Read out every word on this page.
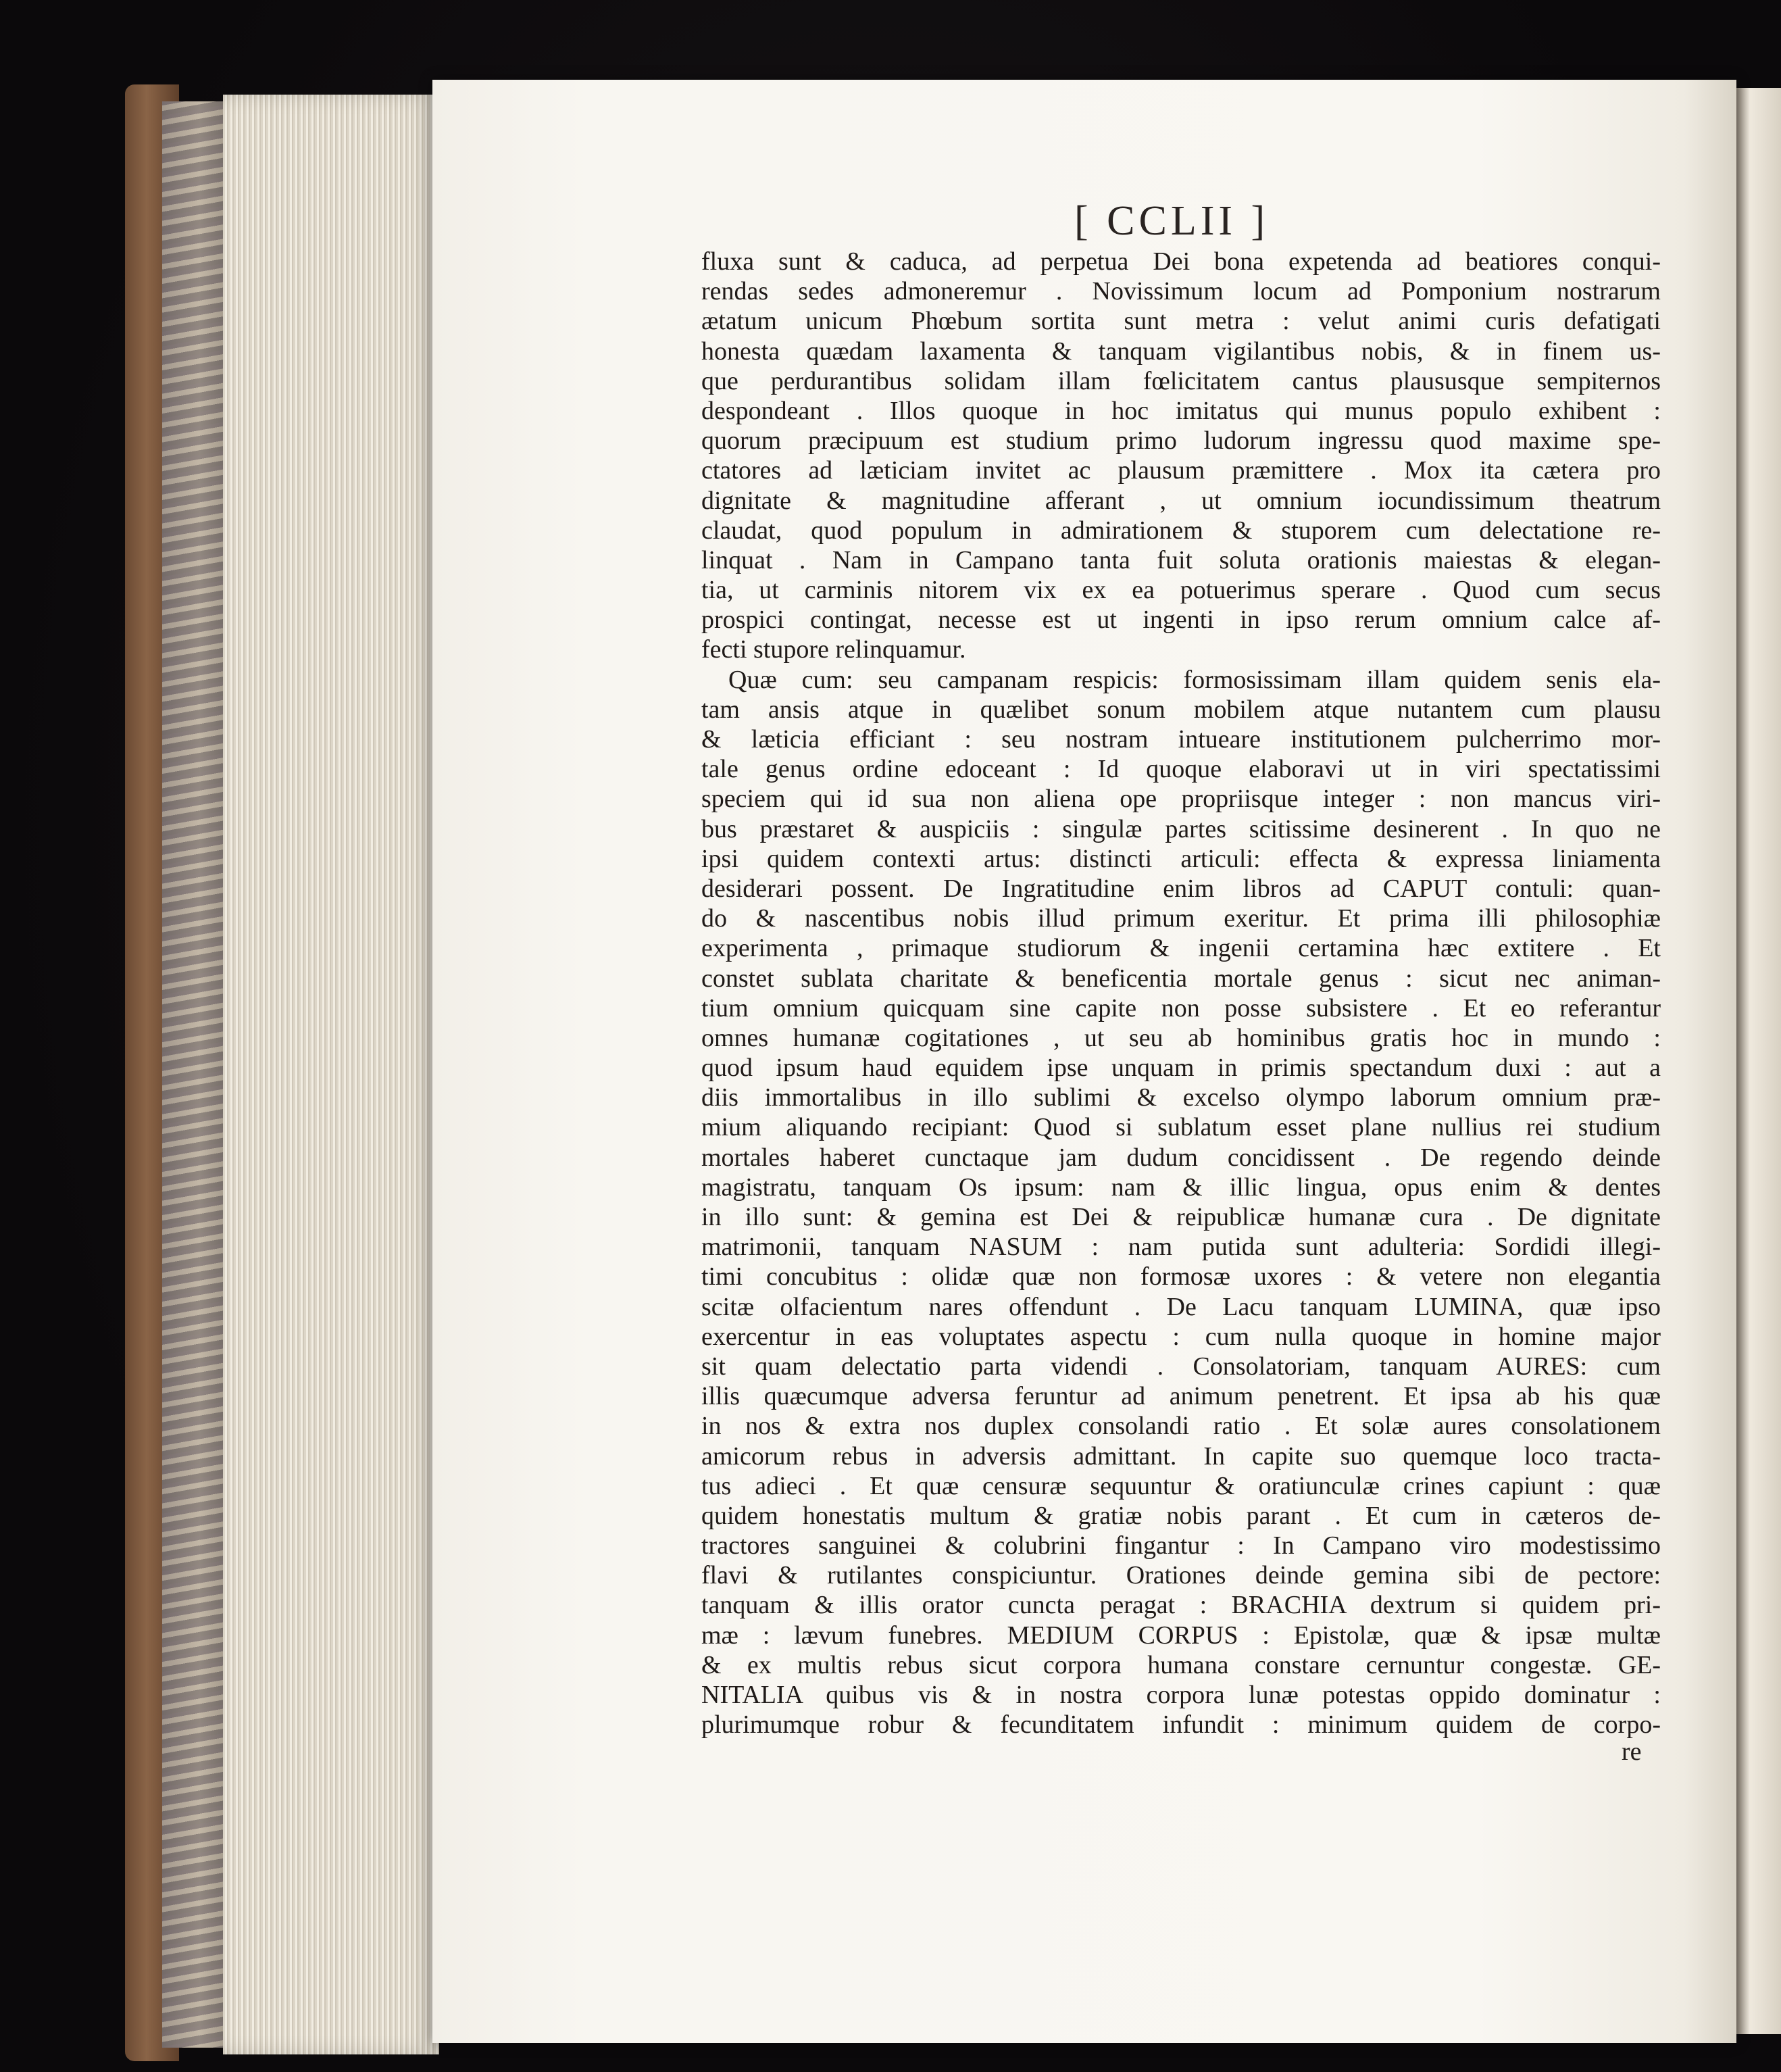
[ CCLII ]
fluxa sunt & caduca, ad perpetua Dei bona expetenda ad beatiores conqui-
rendas sedes admoneremur . Novissimum locum ad Pomponium nostrarum
ætatum unicum Phœbum sortita sunt metra : velut animi curis defatigati
honesta quædam laxamenta & tanquam vigilantibus nobis, & in finem us-
que perdurantibus solidam illam fœlicitatem cantus plaususque sempiternos
despondeant . Illos quoque in hoc imitatus qui munus populo exhibent :
quorum præcipuum est studium primo ludorum ingressu quod maxime spe-
ctatores ad læticiam invitet ac plausum præmittere . Mox ita cætera pro
dignitate & magnitudine afferant , ut omnium iocundissimum theatrum
claudat, quod populum in admirationem & stuporem cum delectatione re-
linquat . Nam in Campano tanta fuit soluta orationis maiestas & elegan-
tia, ut carminis nitorem vix ex ea potuerimus sperare . Quod cum secus
prospici contingat, necesse est ut ingenti in ipso rerum omnium calce af-
fecti stupore relinquamur.
Quæ cum: seu campanam respicis: formosissimam illam quidem senis ela-
tam ansis atque in quælibet sonum mobilem atque nutantem cum plausu
& læticia efficiant : seu nostram intueare institutionem pulcherrimo mor-
tale genus ordine edoceant : Id quoque elaboravi ut in viri spectatissimi
speciem qui id sua non aliena ope propriisque integer : non mancus viri-
bus præstaret & auspiciis : singulæ partes scitissime desinerent . In quo ne
ipsi quidem contexti artus: distincti articuli: effecta & expressa liniamenta
desiderari possent. De Ingratitudine enim libros ad CAPUT contuli: quan-
do & nascentibus nobis illud primum exeritur. Et prima illi philosophiæ
experimenta , primaque studiorum & ingenii certamina hæc extitere . Et
constet sublata charitate & beneficentia mortale genus : sicut nec animan-
tium omnium quicquam sine capite non posse subsistere . Et eo referantur
omnes humanæ cogitationes , ut seu ab hominibus gratis hoc in mundo :
quod ipsum haud equidem ipse unquam in primis spectandum duxi : aut a
diis immortalibus in illo sublimi & excelso olympo laborum omnium præ-
mium aliquando recipiant: Quod si sublatum esset plane nullius rei studium
mortales haberet cunctaque jam dudum concidissent . De regendo deinde
magistratu, tanquam Os ipsum: nam & illic lingua, opus enim & dentes
in illo sunt: & gemina est Dei & reipublicæ humanæ cura . De dignitate
matrimonii, tanquam NASUM : nam putida sunt adulteria: Sordidi illegi-
timi concubitus : olidæ quæ non formosæ uxores : & vetere non elegantia
scitæ olfacientum nares offendunt . De Lacu tanquam LUMINA, quæ ipso
exercentur in eas voluptates aspectu : cum nulla quoque in homine major
sit quam delectatio parta videndi . Consolatoriam, tanquam AURES: cum
illis quæcumque adversa feruntur ad animum penetrent. Et ipsa ab his quæ
in nos & extra nos duplex consolandi ratio . Et solæ aures consolationem
amicorum rebus in adversis admittant. In capite suo quemque loco tracta-
tus adieci . Et quæ censuræ sequuntur & oratiunculæ crines capiunt : quæ
quidem honestatis multum & gratiæ nobis parant . Et cum in cæteros de-
tractores sanguinei & colubrini fingantur : In Campano viro modestissimo
flavi & rutilantes conspiciuntur. Orationes deinde gemina sibi de pectore:
tanquam & illis orator cuncta peragat : BRACHIA dextrum si quidem pri-
mæ : lævum funebres. MEDIUM CORPUS : Epistolæ, quæ & ipsæ multæ
& ex multis rebus sicut corpora humana constare cernuntur congestæ. GE-
NITALIA quibus vis & in nostra corpora lunæ potestas oppido dominatur :
plurimumque robur & fecunditatem infundit : minimum quidem de corpo-
re
